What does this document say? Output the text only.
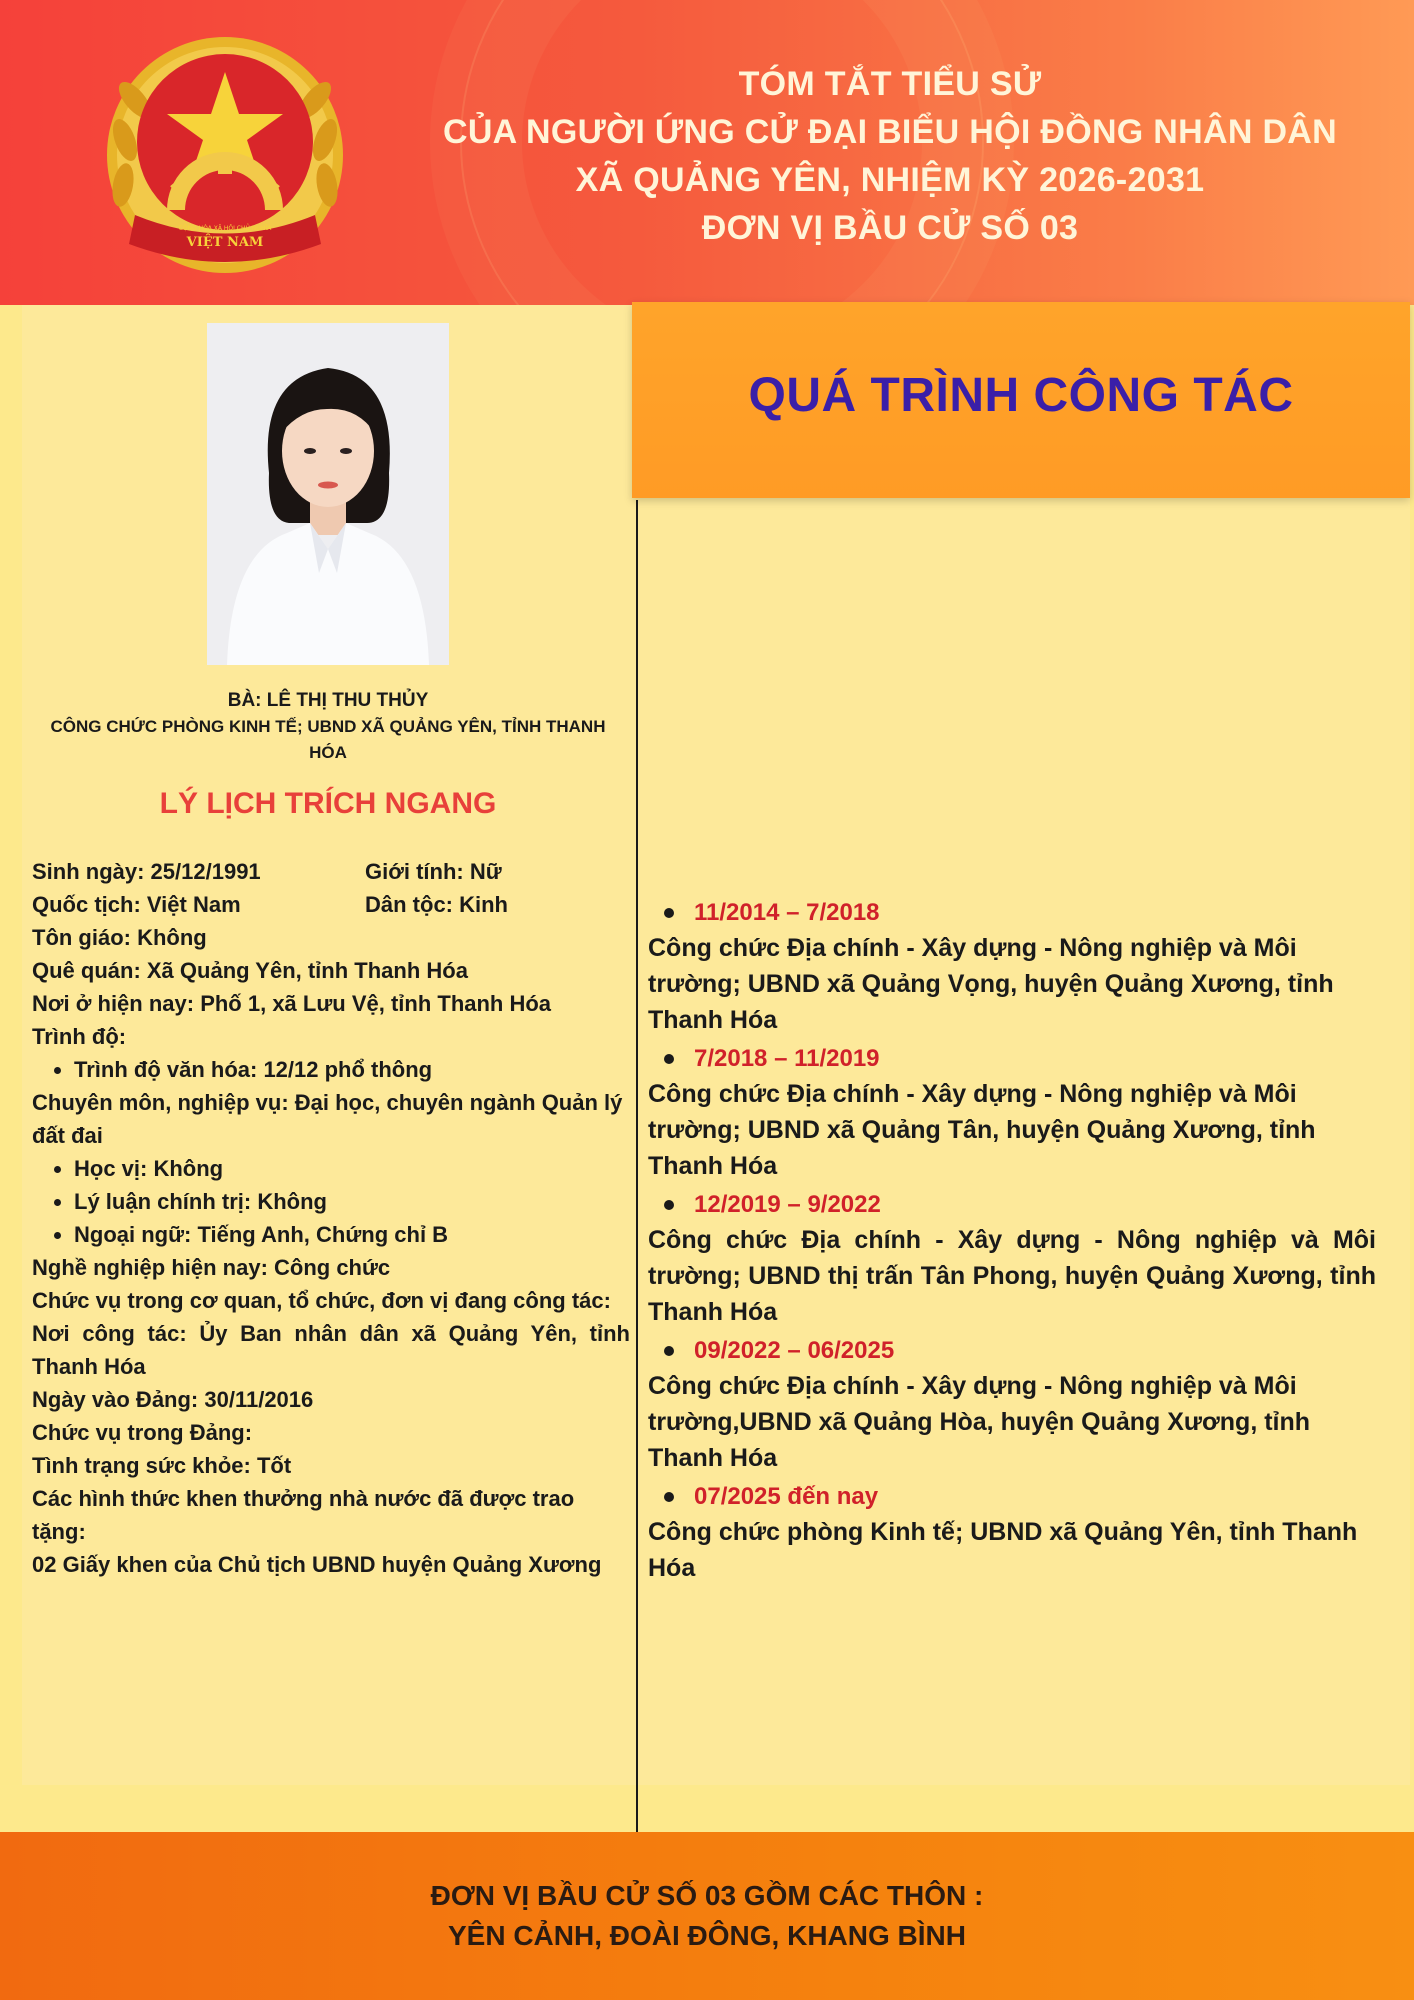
VIỆT NAM
CỘNG HÒA XÃ HỘI CHỦ NGHĨA
TÓM TẮT TIỂU SỬ
CỦA NGƯỜI ỨNG CỬ ĐẠI BIỂU HỘI ĐỒNG NHÂN DÂN
XÃ QUẢNG YÊN, NHIỆM KỲ 2026-2031
ĐƠN VỊ BẦU CỬ SỐ 03
BÀ: LÊ THỊ THU THỦY
CÔNG CHỨC PHÒNG KINH TẾ; UBND XÃ QUẢNG YÊN, TỈNH THANH HÓA
LÝ LỊCH TRÍCH NGANG
Sinh ngày: 25/12/1991	Giới tính: Nữ
Quốc tịch: Việt Nam	Dân tộc: Kinh

Tôn giáo: Không

Quê quán: Xã Quảng Yên, tỉnh Thanh Hóa

Nơi ở hiện nay: Phố 1, xã Lưu Vệ, tỉnh Thanh Hóa

Trình độ:

• Trình độ văn hóa: 12/12 phổ thông

Chuyên môn, nghiệp vụ: Đại học, chuyên ngành Quản lý đất đai

• Học vị: Không
• Lý luận chính trị: Không
• Ngoại ngữ: Tiếng Anh, Chứng chỉ B

Nghề nghiệp hiện nay: Công chức

Chức vụ trong cơ quan, tổ chức, đơn vị đang công tác:

Nơi công tác: Ủy Ban nhân dân xã Quảng Yên, tỉnh Thanh Hóa

Ngày vào Đảng: 30/11/2016

Chức vụ trong Đảng:

Tình trạng sức khỏe: Tốt

Các hình thức khen thưởng nhà nước đã được trao tặng:

02 Giấy khen của Chủ tịch UBND huyện Quảng Xương

QUÁ TRÌNH CÔNG TÁC
11/2014 – 7/2018

Công chức Địa chính - Xây dựng - Nông nghiệp và Môi trường; UBND xã Quảng Vọng, huyện Quảng Xương, tỉnh Thanh Hóa

7/2018 – 11/2019

Công chức Địa chính - Xây dựng - Nông nghiệp và Môi trường; UBND xã Quảng Tân, huyện Quảng Xương, tỉnh Thanh Hóa

12/2019 – 9/2022

Công chức Địa chính - Xây dựng - Nông nghiệp và Môi trường; UBND thị trấn Tân Phong, huyện Quảng Xương, tỉnh Thanh Hóa

09/2022 – 06/2025

Công chức Địa chính - Xây dựng - Nông nghiệp và Môi trường,UBND xã Quảng Hòa, huyện Quảng Xương, tỉnh Thanh Hóa

07/2025 đến nay

Công chức phòng Kinh tế; UBND xã Quảng Yên, tỉnh Thanh Hóa

ĐƠN VỊ BẦU CỬ SỐ 03 GỒM CÁC THÔN :
YÊN CẢNH, ĐOÀI ĐÔNG, KHANG BÌNH
